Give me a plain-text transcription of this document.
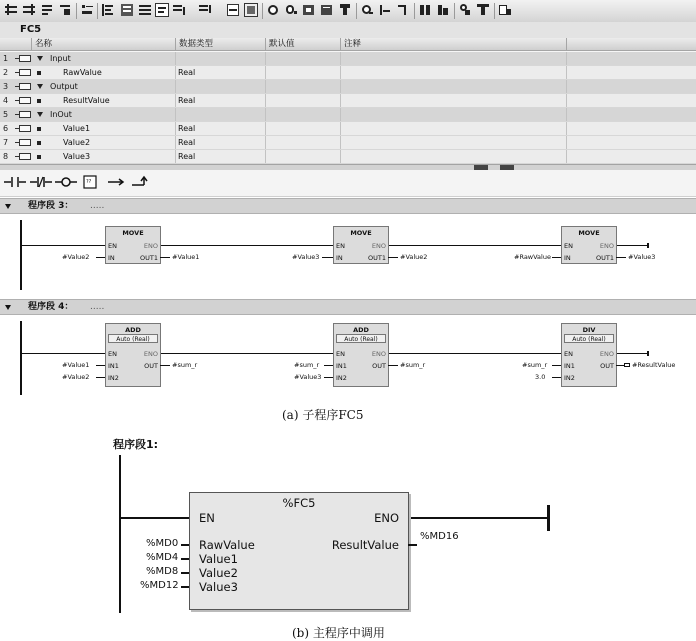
FC5
名称	数据类型	默认值	注释
1	Input
2	RawValue	Real
3	Output
4	ResultValue	Real
5	InOut
6	Value1	Real
7	Value2	Real
8	Value3	Real
??
程序段 3： .....
MOVE
EN	ENO
IN	OUT1
#Value2	#Value1
MOVE
EN	ENO
IN	OUT1
#Value3	#Value2
MOVE
EN	ENO
IN	OUT1
#RawValue	#Value3
程序段 4： .....
ADD
Auto (Real)
EN	ENO
IN1	OUT
IN2
#Value1
#Value2
#sum_r
ADD
Auto (Real)
EN	ENO
IN1	OUT
IN2
#sum_r
#Value3
#sum_r
DIV
Auto (Real)
EN	ENO
IN1	OUT
IN2
#sum_r
3.0
#ResultValue
(a) 子程序FC5
程序段1:
%FC5
EN	ENO
RawValue
Value1
Value2
Value3
ResultValue
%MD0
%MD4
%MD8
%MD12
%MD16
(b) 主程序中调用
